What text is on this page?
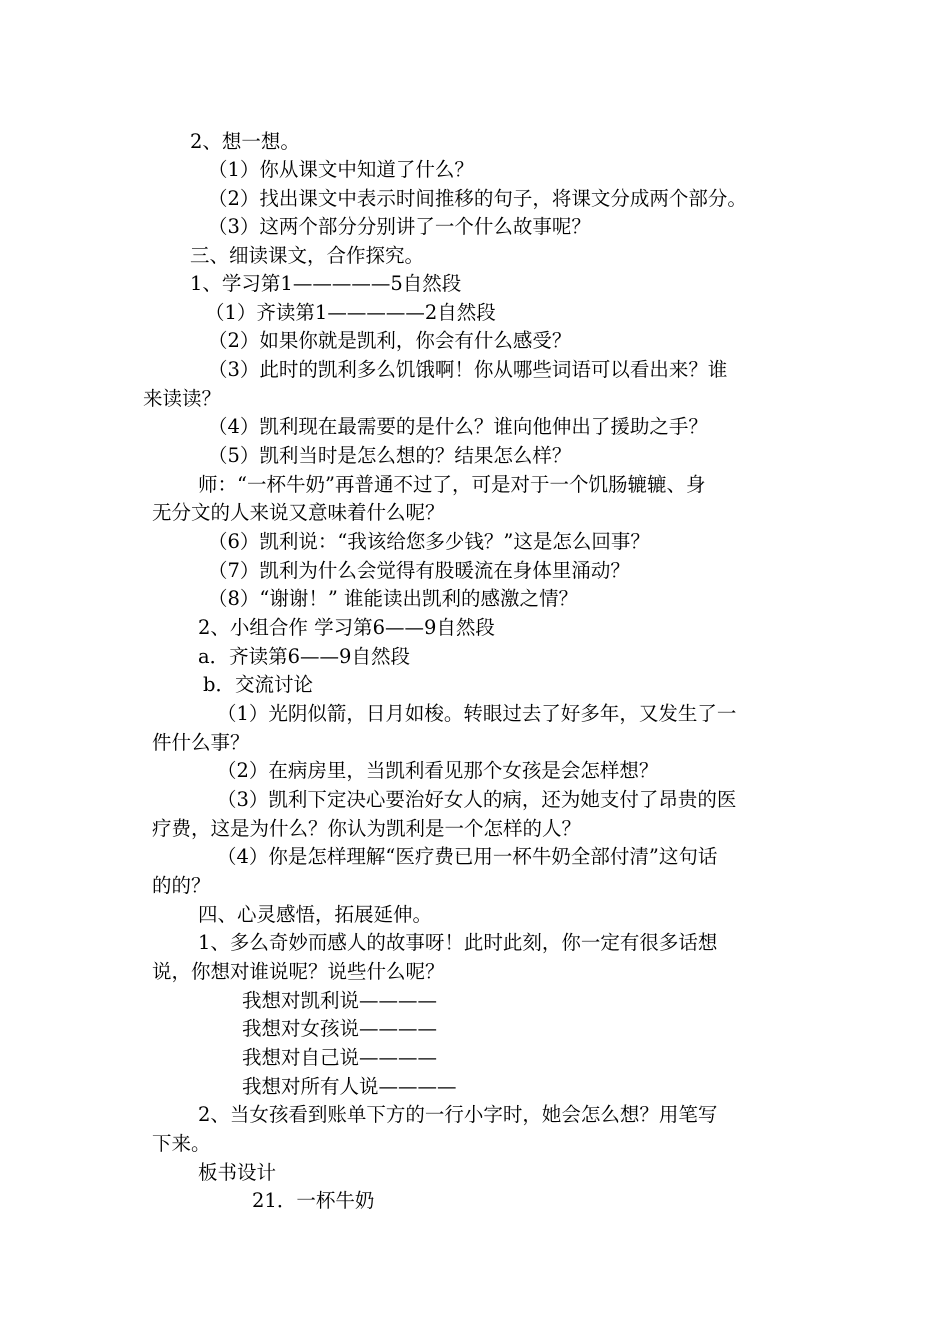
2、想一想。
（1）你从课文中知道了什么？
（2）找出课文中表示时间推移的句子，将课文分成两个部分。
（3）这两个部分分别讲了一个什么故事呢？
三、细读课文，合作探究。
1、学习第1—————5自然段
（1）齐读第1—————2自然段
（2）如果你就是凯利，你会有什么感受？
（3）此时的凯利多么饥饿啊！你从哪些词语可以看出来？谁
来读读？
（4）凯利现在最需要的是什么？谁向他伸出了援助之手？
（5）凯利当时是怎么想的？结果怎么样？
师：“一杯牛奶”再普通不过了，可是对于一个饥肠辘辘、身
无分文的人来说又意味着什么呢？
（6）凯利说：“我该给您多少钱？”这是怎么回事？
（7）凯利为什么会觉得有股暖流在身体里涌动？
（8）“谢谢！” 谁能读出凯利的感激之情？
2、小组合作 学习第6——9自然段
a．齐读第6——9自然段
b．交流讨论
（1）光阴似箭，日月如梭。转眼过去了好多年，又发生了一
件什么事？
（2）在病房里，当凯利看见那个女孩是会怎样想？
（3）凯利下定决心要治好女人的病，还为她支付了昂贵的医
疗费，这是为什么？你认为凯利是一个怎样的人？
（4）你是怎样理解“医疗费已用一杯牛奶全部付清”这句话
的的？
四、心灵感悟，拓展延伸。
1、多么奇妙而感人的故事呀！此时此刻，你一定有很多话想
说，你想对谁说呢？说些什么呢？
我想对凯利说————
我想对女孩说————
我想对自己说————
我想对所有人说————
2、当女孩看到账单下方的一行小字时，她会怎么想？用笔写
下来。
板书设计
21．一杯牛奶
